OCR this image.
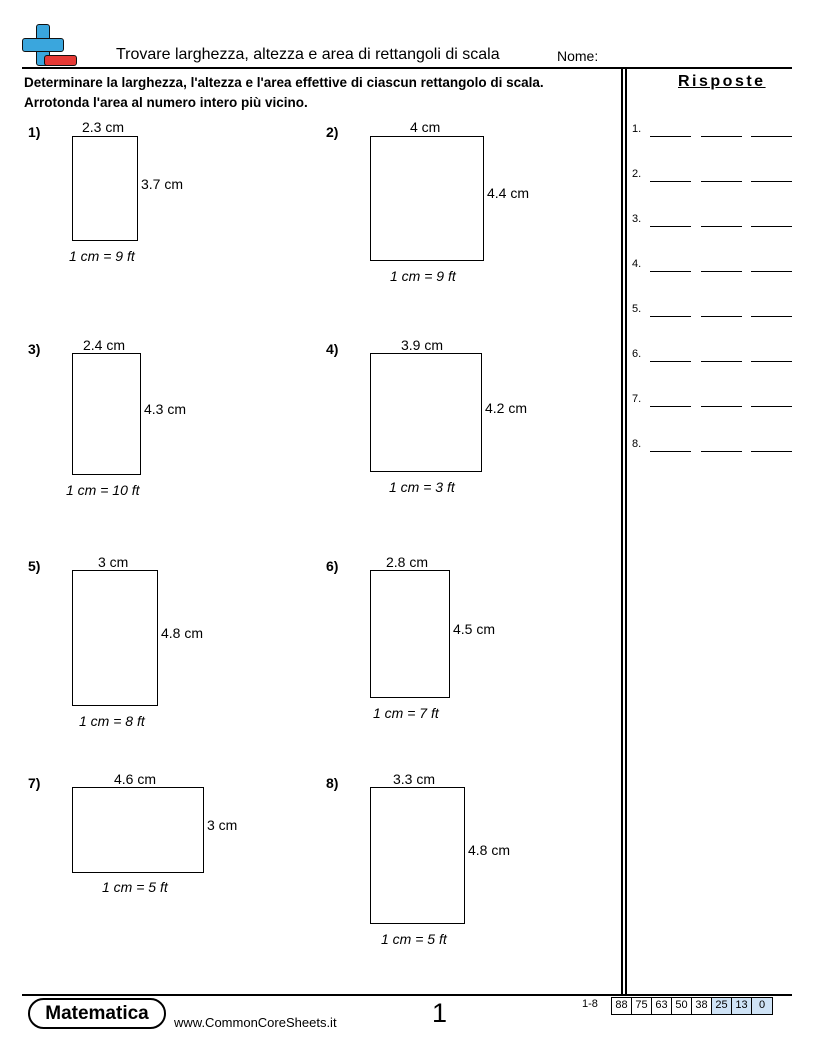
Trovare larghezza, altezza e area di rettangoli di scala	Nome:
Determinare la larghezza, l'altezza e l'area effettive di ciascun rettangolo di scala.
Arrotonda l'area al numero intero più vicino.
Risposte
1.
2.
3.
4.
5.
6.
7.
8.
1)	2.3 cm
3.7 cm
1 cm = 9 ft
2)	4 cm
4.4 cm
1 cm = 9 ft
3)	2.4 cm
4.3 cm
1 cm = 10 ft
4)	3.9 cm
4.2 cm
1 cm = 3 ft
5)	3 cm
4.8 cm
1 cm = 8 ft
6)	2.8 cm
4.5 cm
1 cm = 7 ft
7)	4.6 cm
3 cm
1 cm = 5 ft
8)	3.3 cm
4.8 cm
1 cm = 5 ft
Matematica	www.CommonCoreSheets.it	1	1-8	88 75 63 50 38 25 13	0
